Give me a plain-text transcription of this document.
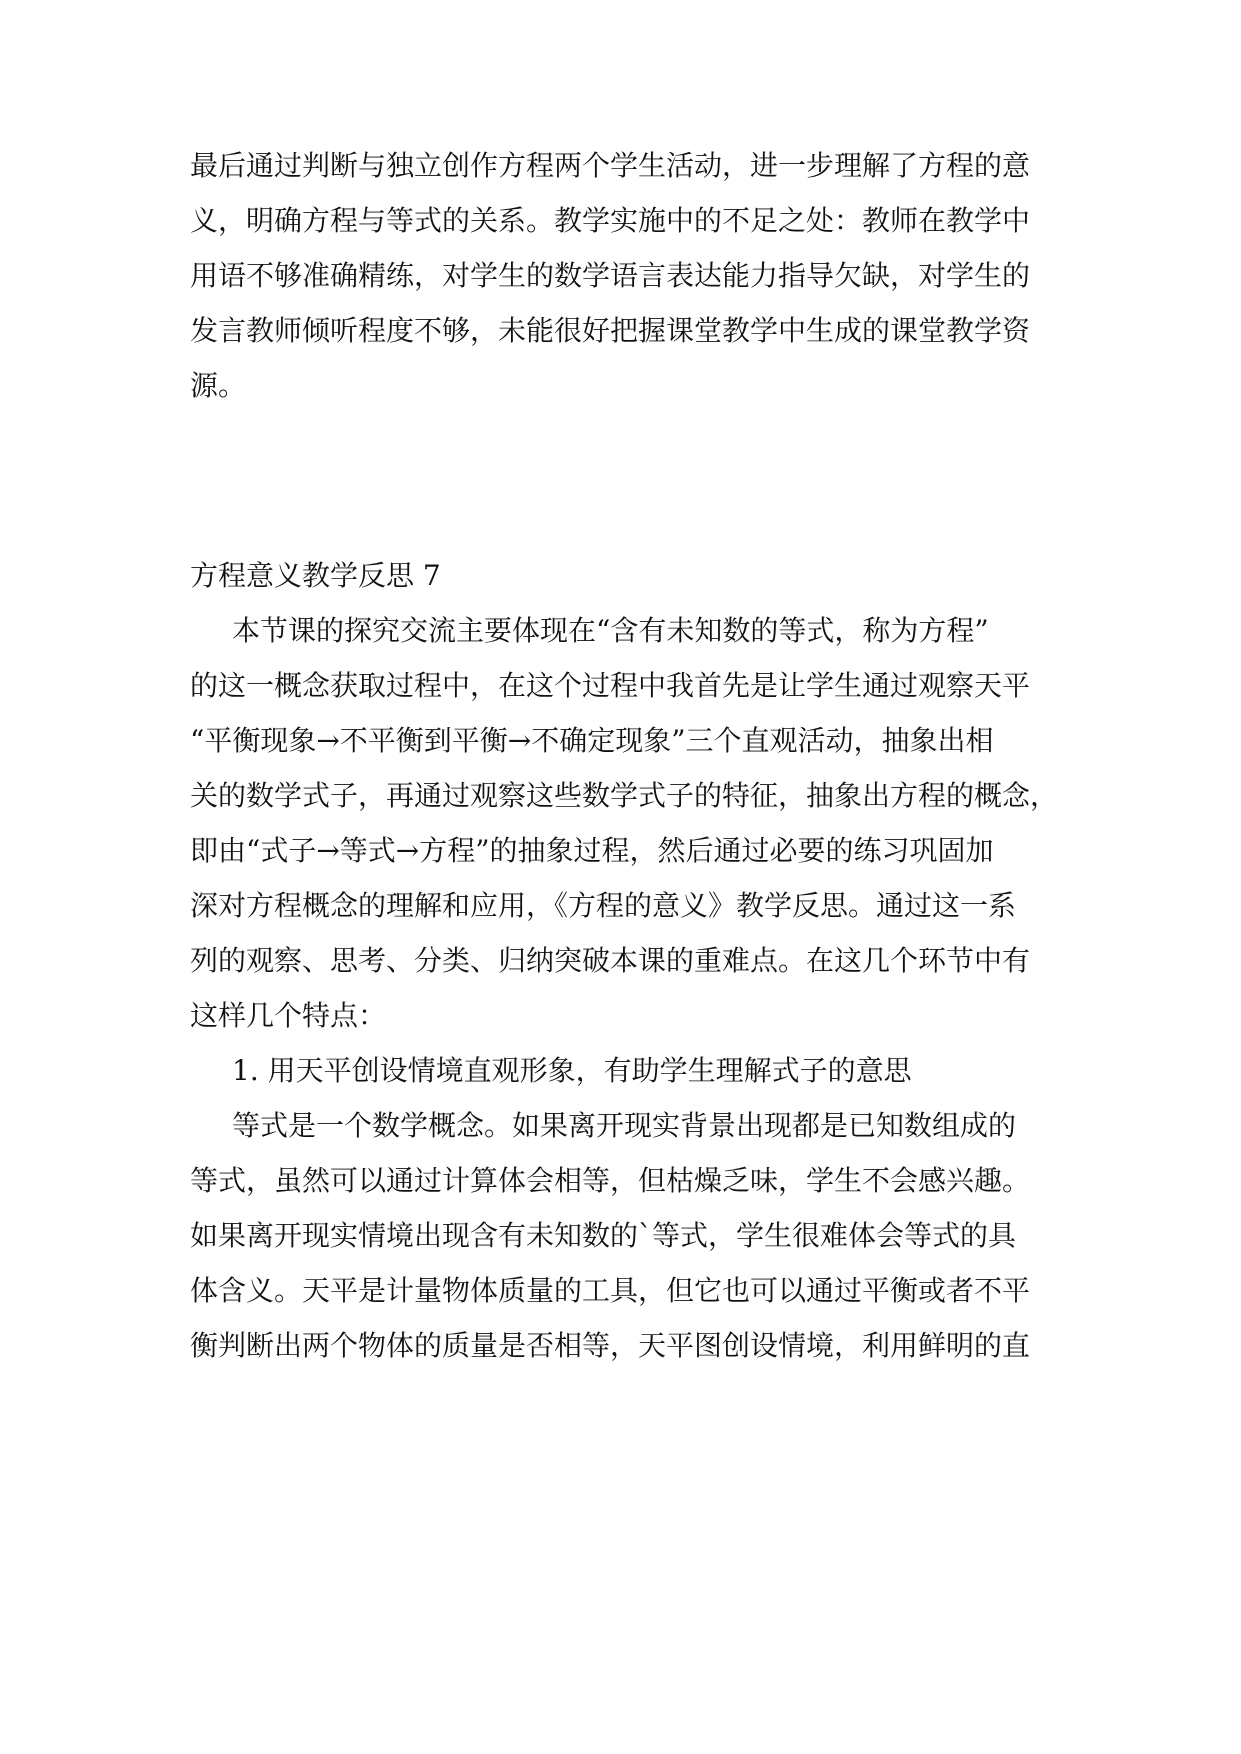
最后通过判断与独立创作方程两个学生活动，进一步理解了方程的意
义，明确方程与等式的关系。教学实施中的不足之处：教师在教学中
用语不够准确精练，对学生的数学语言表达能力指导欠缺，对学生的
发言教师倾听程度不够，未能很好把握课堂教学中生成的课堂教学资
源。
方程意义教学反思 7
本节课的探究交流主要体现在“含有未知数的等式，称为方程”
的这一概念获取过程中，在这个过程中我首先是让学生通过观察天平
“平衡现象→不平衡到平衡→不确定现象”三个直观活动，抽象出相
关的数学式子，再通过观察这些数学式子的特征，抽象出方程的概念，
即由“式子→等式→方程”的抽象过程，然后通过必要的练习巩固加
深对方程概念的理解和应用，《方程的意义》教学反思。通过这一系
列的观察、思考、分类、归纳突破本课的重难点。在这几个环节中有
这样几个特点：
1. 用天平创设情境直观形象，有助学生理解式子的意思
等式是一个数学概念。如果离开现实背景出现都是已知数组成的
等式，虽然可以通过计算体会相等，但枯燥乏味，学生不会感兴趣。
如果离开现实情境出现含有未知数的`等式，学生很难体会等式的具
体含义。天平是计量物体质量的工具，但它也可以通过平衡或者不平
衡判断出两个物体的质量是否相等，天平图创设情境，利用鲜明的直
